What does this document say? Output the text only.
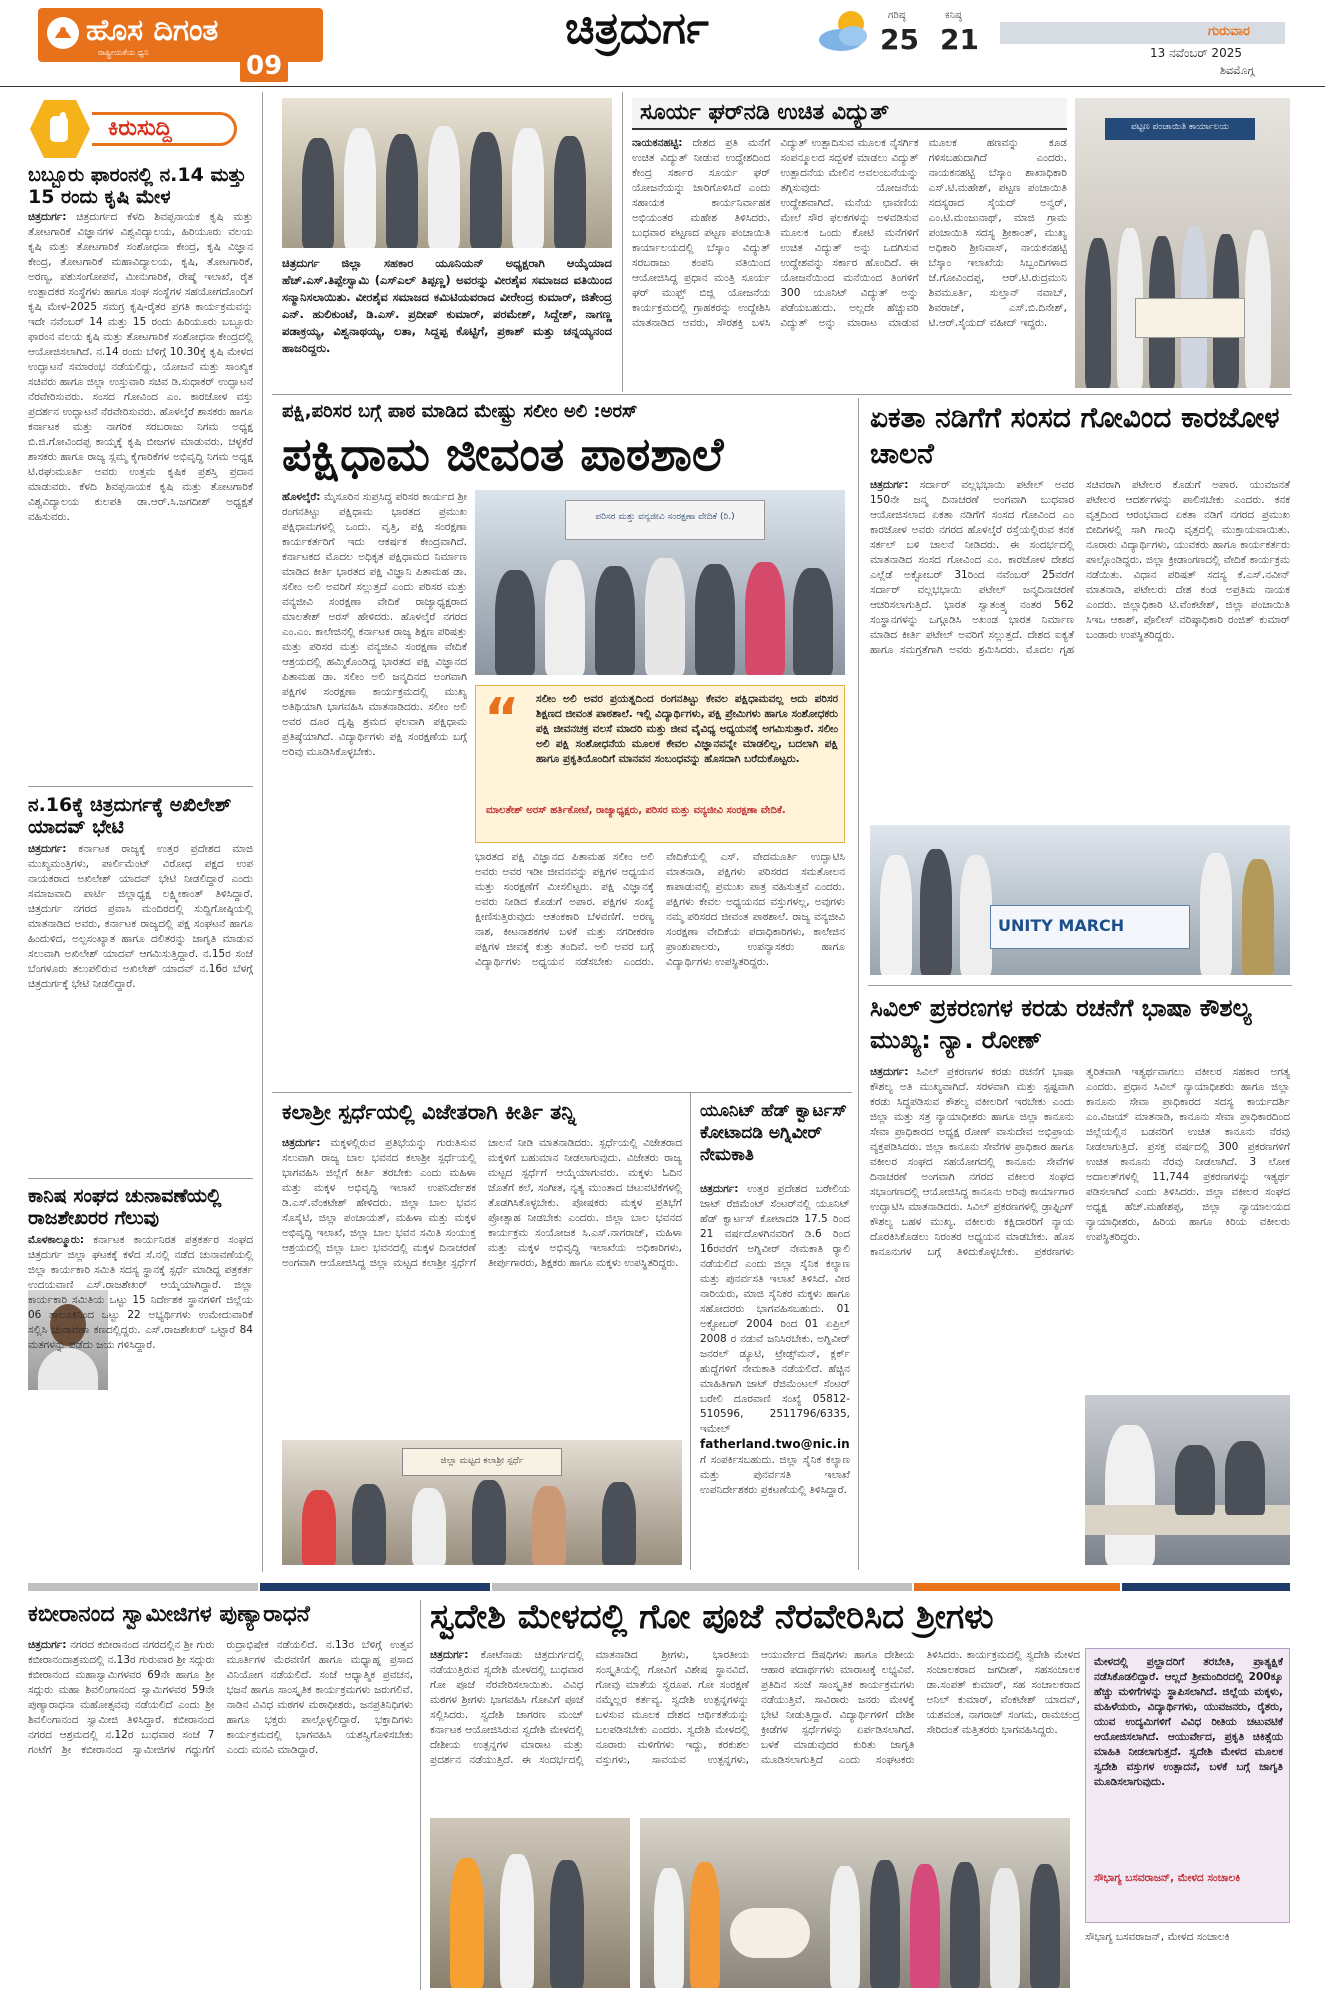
ಹೊಸ ದಿಗಂತ
ರಾಷ್ಟ್ರೀಯತೆಯ ಧ್ವನಿ	09
ಚಿತ್ರದುರ್ಗ	ಗರಿಷ್ಠ
25
ಕನಿಷ್ಠ
21	ಗುರುವಾರ
13 ನವೆಂಬರ್ 2025
ಶಿವಮೊಗ್ಗ
ಕಿರುಸುದ್ದಿ
ಬಬ್ಬೂರು ಫಾರಂನಲ್ಲಿ ನ.14 ಮತ್ತು 15 ರಂದು ಕೃಷಿ ಮೇಳ
ಚಿತ್ರದುರ್ಗ: ಚಿತ್ರದುರ್ಗದ ಕೆಳದಿ ಶಿವಪ್ಪನಾಯಕ ಕೃಷಿ ಮತ್ತು ತೋಟಗಾರಿಕೆ ವಿಜ್ಞಾನಗಳ ವಿಶ್ವವಿದ್ಯಾಲಯ, ಹಿರಿಯೂರು ವಲಯ ಕೃಷಿ ಮತ್ತು ತೋಟಗಾರಿಕೆ ಸಂಶೋಧನಾ ಕೇಂದ್ರ, ಕೃಷಿ ವಿಜ್ಞಾನ ಕೇಂದ್ರ, ತೋಟಗಾರಿಕೆ ಮಹಾವಿದ್ಯಾಲಯ, ಕೃಷಿ, ತೋಟಗಾರಿಕೆ, ಅರಣ್ಯ, ಪಶುಸಂಗೋಪನೆ, ಮೀನುಗಾರಿಕೆ, ರೇಷ್ಮೆ ಇಲಾಖೆ, ರೈತ ಉತ್ಪಾದಕರ ಸಂಸ್ಥೆಗಳು ಹಾಗೂ ಸಂಘ ಸಂಸ್ಥೆಗಳ ಸಹಯೋಗದೊಂದಿಗೆ ಕೃಷಿ ಮೇಳ-2025 ಸಮಗ್ರ ಕೃಷಿ-ರೈತರ ಪ್ರಗತಿ ಕಾರ್ಯಕ್ರಮವನ್ನು ಇದೇ ನವೆಂಬರ್ 14 ಮತ್ತು 15 ರಂದು ಹಿರಿಯೂರು ಬಬ್ಬೂರು ಫಾರಂನ ವಲಯ ಕೃಷಿ ಮತ್ತು ತೋಟಗಾರಿಕೆ ಸಂಶೋಧನಾ ಕೇಂದ್ರದಲ್ಲಿ ಆಯೋಜಿಸಲಾಗಿದೆ. ನ.14 ರಂದು ಬೆಳಿಗ್ಗೆ 10.30ಕ್ಕೆ ಕೃಷಿ ಮೇಳದ ಉದ್ಘಾಟನೆ ಸಮಾರಂಭ ನಡೆಯಲಿದ್ದು, ಯೋಜನೆ ಮತ್ತು ಸಾಂಖ್ಯಿಕ ಸಚಿವರು ಹಾಗೂ ಜಿಲ್ಲಾ ಉಸ್ತುವಾರಿ ಸಚಿವ ಡಿ.ಸುಧಾಕರ್ ಉದ್ಘಾಟನೆ ನೆರವೇರಿಸುವರು. ಸಂಸದ ಗೋವಿಂದ ಎಂ. ಕಾರಜೋಳ ವಸ್ತು ಪ್ರದರ್ಶನ ಉದ್ಘಾಟನೆ ನೆರವೇರಿಸುವರು. ಹೊಳಲ್ಕೆರೆ ಶಾಸಕರು ಹಾಗೂ ಕರ್ನಾಟಕ ಮತ್ತು ನಾಗರಿಕ ಸರಬರಾಜು ನಿಗಮ ಅಧ್ಯಕ್ಷ ಬಿ.ಜಿ.ಗೋವಿಂದಪ್ಪ ಕಾಯ್ಕಕ್ಕೆ ಕೃಷಿ ಬೀಜಗಳ ಮಾಡುವರು. ಚಳ್ಳಕೆರೆ ಶಾಸಕರು ಹಾಗೂ ರಾಜ್ಯ ಸ್ಲಮ್ಮ ಕೈಗಾರಿಕೆಗಳ ಅಭಿವೃದ್ಧಿ ನಿಗಮ ಅಧ್ಯಕ್ಷ ಟಿ.ರಘುಮೂರ್ತಿ ಅವರು ಉತ್ತಮ ಕೃಷಿಕ ಪ್ರಶಸ್ತಿ ಪ್ರದಾನ ಮಾಡುವರು. ಕೆಳದಿ ಶಿವಪ್ಪನಾಯಕ ಕೃಷಿ ಮತ್ತು ತೋಟಗಾರಿಕೆ ವಿಶ್ವವಿದ್ಯಾಲಯ ಕುಲಪತಿ ಡಾ.ಆರ್.ಸಿ.ಜಗದೀಶ್ ಅಧ್ಯಕ್ಷತೆ ವಹಿಸುವರು.
ನ.16ಕ್ಕೆ ಚಿತ್ರದುರ್ಗಕ್ಕೆ ಅಖಿಲೇಶ್ ಯಾದವ್ ಭೇಟಿ
ಚಿತ್ರದುರ್ಗ: ಕರ್ನಾಟಕ ರಾಜ್ಯಕ್ಕೆ ಉತ್ತರ ಪ್ರದೇಶದ ಮಾಜಿ ಮುಖ್ಯಮಂತ್ರಿಗಳು, ಪಾರ್ಲಿಮೆಂಟ್ ವಿರೋಧ ಪಕ್ಷದ ಉಪ ನಾಯಕರಾದ ಅಖಿಲೇಶ್ ಯಾದವ್ ಭೇಟಿ ನೀಡಲಿದ್ದಾರೆ ಎಂದು ಸಮಾಜವಾದಿ ಪಾರ್ಟಿ ಜಿಲ್ಲಾಧ್ಯಕ್ಷ ಲಕ್ಷ್ಮೀಕಾಂತ್ ತಿಳಿಸಿದ್ದಾರೆ. ಚಿತ್ರದುರ್ಗ ನಗರದ ಪ್ರವಾಸಿ ಮಂದಿರದಲ್ಲಿ ಸುದ್ದಿಗೋಷ್ಠಿಯಲ್ಲಿ ಮಾತನಾಡಿದ ಅವರು, ಕರ್ನಾಟಕ ರಾಜ್ಯದಲ್ಲಿ ಪಕ್ಷ ಸಂಘಟನೆ ಹಾಗೂ ಹಿಂದುಳಿದ, ಅಲ್ಪಸಂಖ್ಯಾತ ಹಾಗೂ ದಲಿತರನ್ನು ಜಾಗೃತಿ ಮಾಡುವ ಸಲುವಾಗಿ ಅಖಿಲೇಶ್ ಯಾದವ್ ಆಗಮಿಸುತ್ತಿದ್ದಾರೆ. ನ.15ರ ಸಂಜೆ ಬೆಂಗಳೂರು ತಲುಪಲಿರುವ ಅಖಿಲೇಶ್ ಯಾದವ್ ನ.16ರ ಬೆಳಗ್ಗೆ ಚಿತ್ರದುರ್ಗಕ್ಕೆ ಭೇಟಿ ನೀಡಲಿದ್ದಾರೆ.
ಕಾನಿಷ ಸಂಘದ ಚುನಾವಣೆಯಲ್ಲಿ ರಾಜಶೇಖರರ ಗೆಲುವು
ಮೊಳಕಾಲ್ಮೂರು: ಕರ್ನಾಟಕ ಕಾರ್ಯನಿರತ ಪತ್ರಕರ್ತರ ಸಂಘದ ಚಿತ್ರದುರ್ಗ ಜಿಲ್ಲಾ ಘಟಕಕ್ಕೆ ಕಳೆದ ಸೆ.ನಲ್ಲಿ ನಡೆದ ಚುನಾವಣೆಯಲ್ಲಿ ಜಿಲ್ಲಾ ಕಾರ್ಯಕಾರಿ ಸಮಿತಿ ಸದಸ್ಯ ಸ್ಥಾನಕ್ಕೆ ಸ್ಪರ್ಧೆ ಮಾಡಿದ್ದ ಪತ್ರಕರ್ತ ಉದಯವಾಣಿ ಎಸ್.ರಾಜಶೇಖರ್ ಆಯ್ಕೆಯಾಗಿದ್ದಾರೆ. ಜಿಲ್ಲಾ ಕಾರ್ಯಕಾರಿ ಸಮಿತಿಯ ಒಟ್ಟು 15 ನಿರ್ದೇಶಕ ಸ್ಥಾನಗಳಿಗೆ ಜಿಲ್ಲೆಯ 06 ತಾಲೂಕಿನಿಂದ ಒಟ್ಟು 22 ಅಭ್ಯರ್ಥಿಗಳು ಉಮೇದುವಾರಿಕೆ ಸಲ್ಲಿಸಿ ಚುನಾವಣಾ ಕಣದಲ್ಲಿದ್ದರು. ಎಸ್.ರಾಜಶೇಖರ್ ಒಟ್ಟಾರೆ 84 ಮತಗಳನ್ನು ಪಡೆದು ಜಯ ಗಳಿಸಿದ್ದಾರೆ.
ಚಿತ್ರದುರ್ಗ ಜಿಲ್ಲಾ ಸಹಕಾರ ಯೂನಿಯನ್ ಅಧ್ಯಕ್ಷರಾಗಿ ಆಯ್ಕೆಯಾದ ಹೆಚ್.ಎಸ್.ತಿಪ್ಪೇಸ್ವಾಮಿ (ಎಸ್ಎಲ್ ತಿಪ್ಪಣ್ಣ) ಅವರನ್ನು ವೀರಶೈವ ಸಮಾಜದ ವತಿಯಿಂದ ಸನ್ಮಾನಿಸಲಾಯಿತು. ವೀರಶೈವ ಸಮಾಜದ ಕಮಿಟಿಯವರಾದ ವೀರೇಂದ್ರ ಕುಮಾರ್, ಜಿತೇಂದ್ರ ಎನ್. ಹುಲಿಕುಂಟೆ, ಡಿ.ಎಸ್. ಪ್ರದೀಪ್ ಕುಮಾರ್, ಪರಮೇಶ್, ಸಿದ್ದೇಶ್, ನಾಗಣ್ಣ ಪಡಾಕ್ರಯ್ಯ, ವಿಶ್ವನಾಥಯ್ಯ, ಲತಾ, ಸಿದ್ದಪ್ಪ ಕೊಟ್ಟಿಗೆ, ಪ್ರಕಾಶ್ ಮತ್ತು ಚನ್ನಯ್ಯನಂದ ಹಾಜರಿದ್ದರು.
ಸೂರ್ಯ ಘರ್‌ನಡಿ ಉಚಿತ ವಿದ್ಯುತ್
ನಾಯಕನಹಟ್ಟಿ: ದೇಶದ ಪ್ರತಿ ಮನೆಗೆ ಉಚಿತ ವಿದ್ಯುತ್ ನೀಡುವ ಉದ್ದೇಶದಿಂದ ಕೇಂದ್ರ ಸರ್ಕಾರ ಸೂರ್ಯ ಘರ್ ಯೋಜನೆಯನ್ನು ಜಾರಿಗೊಳಿಸಿದೆ ಎಂದು ಸಹಾಯಕ ಕಾರ್ಯನಿರ್ವಾಹಕ ಅಭಿಯಂತರ ಮಹೇಶ ತಿಳಿಸಿದರು. ಬುಧವಾರ ಪಟ್ಟಣದ ಪಟ್ಟಣ ಪಂಚಾಯಿತಿ ಕಾರ್ಯಾಲಯದಲ್ಲಿ ಬೆಸ್ಕಾಂ ವಿದ್ಯುತ್ ಸರಬರಾಜು ಕಂಪನಿ ವತಿಯಿಂದ ಆಯೋಜಿಸಿದ್ದ ಪ್ರಧಾನ ಮಂತ್ರಿ ಸೂರ್ಯ ಘರ್ ಮುಫ್ತ್ ಬಿಜ್ಲಿ ಯೋಜನೆಯ ಕಾರ್ಯಕ್ರಮದಲ್ಲಿ ಗ್ರಾಹಕರನ್ನು ಉದ್ದೇಶಿಸಿ ಮಾತನಾಡಿದ ಅವರು, ಸೌರಶಕ್ತಿ ಬಳಸಿ ವಿದ್ಯುತ್ ಉತ್ಪಾದಿಸುವ ಮೂಲಕ ನೈಸರ್ಗಿಕ ಸಂಪನ್ಮೂಲದ ಸದ್ಬಳಕೆ ಮಾಡಲು ವಿದ್ಯುತ್ ಉತ್ಪಾದನೆಯ ಮೇಲಿನ ಅವಲಂಬನೆಯನ್ನು ತಗ್ಗಿಸುವುದು ಯೋಜನೆಯ ಉದ್ದೇಶವಾಗಿದೆ. ಮನೆಯ ಛಾವಣಿಯ ಮೇಲೆ ಸೌರ ಫಲಕಗಳನ್ನು ಅಳವಡಿಸುವ ಮೂಲಕ ಒಂದು ಕೋಟಿ ಮನೆಗಳಿಗೆ ಉಚಿತ ವಿದ್ಯುತ್ ಅನ್ನು ಒದಗಿಸುವ ಉದ್ದೇಶವನ್ನು ಸರ್ಕಾರ ಹೊಂದಿದೆ. ಈ ಯೋಜನೆಯಿಂದ ಮನೆಯಿಂದ ತಿಂಗಳಿಗೆ 300 ಯೂನಿಟ್ ವಿದ್ಯುತ್ ಅನ್ನು ಪಡೆಯಬಹುದು. ಅಲ್ಲದೇ ಹೆಚ್ಚುವರಿ ವಿದ್ಯುತ್ ಅನ್ನು ಮಾರಾಟ ಮಾಡುವ ಮೂಲಕ ಹಣವನ್ನು ಕೂಡ ಗಳಿಸಬಹುದಾಗಿದೆ ಎಂದರು. ನಾಯಕನಹಟ್ಟಿ ಬೆಸ್ಕಾಂ ಶಾಖಾಧಿಕಾರಿ ಎಸ್.ಟಿ.ಮಹೇಶ್, ಪಟ್ಟಣ ಪಂಚಾಯಿತಿ ಸದಸ್ಯರಾದ ಸೈಯದ್ ಅನ್ವರ್, ಎಂ.ಟಿ.ಮಂಜುನಾಥ್, ಮಾಜಿ ಗ್ರಾಮ ಪಂಚಾಯಿತಿ ಸದಸ್ಯ ಶ್ರೀಕಾಂತ್, ಮುಖ್ಯ ಅಧಿಕಾರಿ ಶ್ರೀನಿವಾಸ್, ನಾಯಕನಹಟ್ಟಿ ಬೆಸ್ಕಾಂ ಇಲಾಖೆಯ ಸಿಬ್ಬಂದಿಗಳಾದ ಜೆ.ಗೋವಿಂದಪ್ಪ, ಆರ್.ಟಿ.ರುದ್ರಮುನಿ ಶಿವಮೂರ್ತಿ, ಸುಲ್ತಾನ್ ನವಾಬ್, ಶಿವರಾಜ್, ಎಸ್.ಬಿ.ದಿನೇಶ್, ಟಿ.ಆರ್.ಸೈಯದ್ ವಹೀದ್ ಇದ್ದರು.
ಪಟ್ಟಣ ಪಂಚಾಯಿತಿ ಕಾರ್ಯಾಲಯ
ಪಕ್ಷಿ,ಪರಿಸರ ಬಗ್ಗೆ ಪಾಠ ಮಾಡಿದ ಮೇಷ್ಟ್ರು ಸಲೀಂ ಅಲಿ :ಅರಸ್
ಪಕ್ಷಿಧಾಮ ಜೀವಂತ ಪಾಠಶಾಲೆ
ಹೊಳಲ್ಕೆರೆ: ಮೈಸೂರಿನ ಸುಪ್ರಸಿದ್ಧ ಪರಿಸರ ಕಾರ್ಯದ ಶ್ರೀ ರಂಗನತಿಟ್ಟು ಪಕ್ಷಿಧಾಮ ಭಾರತದ ಪ್ರಮುಖ ಪಕ್ಷಿಧಾಮಗಳಲ್ಲಿ ಒಂದು. ವೃತ್ತಿ, ಪಕ್ಷಿ ಸಂರಕ್ಷಣಾ ಕಾರ್ಯಕರ್ತರಿಗೆ ಇದು ಆಕರ್ಷಕ ಕೇಂದ್ರವಾಗಿದೆ. ಕರ್ನಾಟಕದ ಮೊದಲ ಅಧಿಕೃತ ಪಕ್ಷಿಧಾಮದ ನಿರ್ಮಾಣ ಮಾಡಿದ ಕೀರ್ತಿ ಭಾರತದ ಪಕ್ಷಿ ವಿಜ್ಞಾನಿ ಪಿತಾಮಹ ಡಾ. ಸಲೀಂ ಅಲಿ ಅವರಿಗೆ ಸಲ್ಲುತ್ತದೆ ಎಂದು ಪರಿಸರ ಮತ್ತು ವನ್ಯಜೀವಿ ಸಂರಕ್ಷಣಾ ವೇದಿಕೆ ರಾಜ್ಯಾಧ್ಯಕ್ಷರಾದ ಮಾಲತೇಶ್ ಅರಸ್ ಹೇಳಿದರು. ಹೊಳಲ್ಕೆರೆ ನಗರದ ಎಂ.ಎಂ. ಕಾಲೇಜಿನಲ್ಲಿ ಕರ್ನಾಟಕ ರಾಜ್ಯ ಶಿಕ್ಷಣ ಪರಿಷತ್ತು ಮತ್ತು ಪರಿಸರ ಮತ್ತು ವನ್ಯಜೀವಿ ಸಂರಕ್ಷಣಾ ವೇದಿಕೆ ಆಶ್ರಯದಲ್ಲಿ ಹಮ್ಮಿಕೊಂಡಿದ್ದ ಭಾರತದ ಪಕ್ಷಿ ವಿಜ್ಞಾನದ ಪಿತಾಮಹ ಡಾ. ಸಲೀಂ ಅಲಿ ಜನ್ಮದಿನದ ಅಂಗವಾಗಿ ಪಕ್ಷಿಗಳ ಸಂರಕ್ಷಣಾ ಕಾರ್ಯಕ್ರಮದಲ್ಲಿ ಮುಖ್ಯ ಅತಿಥಿಯಾಗಿ ಭಾಗವಹಿಸಿ ಮಾತನಾಡಿದರು. ಸಲೀಂ ಅಲಿ ಅವರ ದೂರ ದೃಷ್ಟಿ ಶ್ರಮದ ಫಲವಾಗಿ ಪಕ್ಷಿಧಾಮ ಪ್ರತಿಷ್ಠೆಯಾಗಿದೆ. ವಿದ್ಯಾರ್ಥಿಗಳು ಪಕ್ಷಿ ಸಂರಕ್ಷಣೆಯ ಬಗ್ಗೆ ಅರಿವು ಮೂಡಿಸಿಕೊಳ್ಳಬೇಕು.
ಪರಿಸರ ಮತ್ತು ವನ್ಯಜೀವಿ ಸಂರಕ್ಷಣಾ ವೇದಿಕೆ (ರಿ.)
“ ಸಲೀಂ ಅಲಿ ಅವರ ಪ್ರಯತ್ನದಿಂದ ರಂಗನತಿಟ್ಟು ಕೇವಲ ಪಕ್ಷಿಧಾಮವಲ್ಲ ಅದು ಪರಿಸರ ಶಿಕ್ಷಣದ ಜೀವಂತ ಪಾಠಶಾಲೆ. ಇಲ್ಲಿ ವಿದ್ಯಾರ್ಥಿಗಳು, ಪಕ್ಷಿ ಪ್ರೇಮಿಗಳು ಹಾಗೂ ಸಂಶೋಧಕರು ಪಕ್ಷಿ ಜೀವನಚಕ್ರ ವಲಸೆ ಮಾದರಿ ಮತ್ತು ಜೀವ ವೈವಿಧ್ಯ ಅಧ್ಯಯನಕ್ಕೆ ಅಗಮಿಸುತ್ತಾರೆ. ಸಲೀಂ ಅಲಿ ಪಕ್ಷಿ ಸಂಶೋಧನೆಯ ಮೂಲಕ ಕೇವಲ ವಿಜ್ಞಾನವನ್ನೇ ಮಾಡಲಿಲ್ಲ, ಬದಲಾಗಿ ಪಕ್ಷಿ ಹಾಗೂ ಪ್ರಕೃತಿಯೊಂದಿಗೆ ಮಾನವನ ಸಂಬಂಧವನ್ನು ಹೊಸದಾಗಿ ಬರೆದುಕೊಟ್ಟರು.
ಮಾಲತೇಶ್ ಅರಸ್ ಹರ್ತಿಕೋಟೆ, ರಾಜ್ಯಾಧ್ಯಕ್ಷರು, ಪರಿಸರ ಮತ್ತು ವನ್ಯಜೀವಿ ಸಂರಕ್ಷಣಾ ವೇದಿಕೆ.
ಭಾರತದ ಪಕ್ಷಿ ವಿಜ್ಞಾನದ ಪಿತಾಮಹ ಸಲೀಂ ಅಲಿ ಅವರು ಅವರ ಇಡೀ ಜೀವನವನ್ನು ಪಕ್ಷಿಗಳ ಅಧ್ಯಯನ ಮತ್ತು ಸಂರಕ್ಷಣೆಗೆ ಮೀಸಲಿಟ್ಟರು. ಪಕ್ಷಿ ವಿಜ್ಞಾನಕ್ಕೆ ಅವರು ನೀಡಿದ ಕೊಡುಗೆ ಅಪಾರ. ಪಕ್ಷಿಗಳ ಸಂಖ್ಯೆ ಕ್ಷೀಣಿಸುತ್ತಿರುವುದು ಆತಂಕಕಾರಿ ಬೆಳವಣಿಗೆ. ಅರಣ್ಯ ನಾಶ, ಕೀಟನಾಶಕಗಳ ಬಳಕೆ ಮತ್ತು ನಗರೀಕರಣ ಪಕ್ಷಿಗಳ ಜೀವಕ್ಕೆ ಕುತ್ತು ತಂದಿವೆ. ಅಲಿ ಅವರ ಬಗ್ಗೆ ವಿದ್ಯಾರ್ಥಿಗಳು ಅಧ್ಯಯನ ನಡೆಸಬೇಕು ಎಂದರು. ವೇದಿಕೆಯಲ್ಲಿ ಎಸ್. ವೇದಮೂರ್ತಿ ಉದ್ಘಾಟಿಸಿ ಮಾತನಾಡಿ, ಪಕ್ಷಿಗಳು ಪರಿಸರದ ಸಮತೋಲನ ಕಾಪಾಡುವಲ್ಲಿ ಪ್ರಮುಖ ಪಾತ್ರ ವಹಿಸುತ್ತವೆ ಎಂದರು. ಪಕ್ಷಿಗಳು ಕೇವಲ ಅಧ್ಯಯನದ ವಸ್ತುಗಳಲ್ಲ, ಅವುಗಳು ನಮ್ಮ ಪರಿಸರದ ಜೀವಂತ ಪಾಠಶಾಲೆ. ರಾಜ್ಯ ವನ್ಯಜೀವಿ ಸಂರಕ್ಷಣಾ ವೇದಿಕೆಯ ಪದಾಧಿಕಾರಿಗಳು, ಕಾಲೇಜಿನ ಪ್ರಾಂಶುಪಾಲರು, ಉಪನ್ಯಾಸಕರು ಹಾಗೂ ವಿದ್ಯಾರ್ಥಿಗಳು ಉಪಸ್ಥಿತರಿದ್ದರು.
ಏಕತಾ ನಡಿಗೆಗೆ ಸಂಸದ ಗೋವಿಂದ ಕಾರಜೋಳ ಚಾಲನೆ
ಚಿತ್ರದುರ್ಗ: ಸರ್ದಾರ್ ವಲ್ಲಭಭಾಯಿ ಪಟೇಲ್ ಅವರ 150ನೇ ಜನ್ಮ ದಿನಾಚರಣೆ ಅಂಗವಾಗಿ ಬುಧವಾರ ಆಯೋಜಿಸಲಾದ ಏಕತಾ ನಡಿಗೆಗೆ ಸಂಸದ ಗೋವಿಂದ ಎಂ ಕಾರಜೋಳ ಅವರು ನಗರದ ಹೊಳಲ್ಕೆರೆ ರಸ್ತೆಯಲ್ಲಿರುವ ಕನಕ ಸರ್ಕಲ್ ಬಳಿ ಚಾಲನೆ ನೀಡಿದರು. ಈ ಸಂದರ್ಭದಲ್ಲಿ ಮಾತನಾಡಿದ ಸಂಸದ ಗೋವಿಂದ ಎಂ. ಕಾರಜೋಳ ದೇಶದ ಎಲ್ಲೆಡೆ ಅಕ್ಟೋಬರ್ 31ರಿಂದ ನವೆಂಬರ್ 25ವರೆಗೆ ಸರ್ದಾರ್ ವಲ್ಲಭಭಾಯಿ ಪಟೇಲ್ ಜನ್ಮದಿನಾಚರಣೆ ಆಚರಿಸಲಾಗುತ್ತಿದೆ. ಭಾರತ ಸ್ವಾತಂತ್ರ್ಯ ನಂತರ 562 ಸಂಸ್ಥಾನಗಳನ್ನು ಒಗ್ಗೂಡಿಸಿ ಅಖಂಡ ಭಾರತ ನಿರ್ಮಾಣ ಮಾಡಿದ ಕೀರ್ತಿ ಪಟೇಲ್ ಅವರಿಗೆ ಸಲ್ಲುತ್ತದೆ. ದೇಶದ ಐಕ್ಯತೆ ಹಾಗೂ ಸಮಗ್ರತೆಗಾಗಿ ಅವರು ಶ್ರಮಿಸಿದರು. ಮೊದಲ ಗೃಹ ಸಚಿವರಾಗಿ ಪಟೇಲರ ಕೊಡುಗೆ ಅಪಾರ. ಯುವಜನತೆ ಪಟೇಲರ ಆದರ್ಶಗಳನ್ನು ಪಾಲಿಸಬೇಕು ಎಂದರು. ಕನಕ ವೃತ್ತದಿಂದ ಆರಂಭವಾದ ಏಕತಾ ನಡಿಗೆ ನಗರದ ಪ್ರಮುಖ ಬೀದಿಗಳಲ್ಲಿ ಸಾಗಿ ಗಾಂಧಿ ವೃತ್ತದಲ್ಲಿ ಮುಕ್ತಾಯವಾಯಿತು. ನೂರಾರು ವಿದ್ಯಾರ್ಥಿಗಳು, ಯುವಕರು ಹಾಗೂ ಕಾರ್ಯಕರ್ತರು ಪಾಲ್ಗೊಂಡಿದ್ದರು. ಜಿಲ್ಲಾ ಕ್ರೀಡಾಂಗಣದಲ್ಲಿ ವೇದಿಕೆ ಕಾರ್ಯಕ್ರಮ ನಡೆಯಿತು. ವಿಧಾನ ಪರಿಷತ್ ಸದಸ್ಯ ಕೆ.ಎಸ್.ನವೀನ್ ಮಾತನಾಡಿ, ಪಟೇಲರು ದೇಶ ಕಂಡ ಅಪ್ರತಿಮ ನಾಯಕ ಎಂದರು. ಜಿಲ್ಲಾಧಿಕಾರಿ ಟಿ.ವೆಂಕಟೇಶ್, ಜಿಲ್ಲಾ ಪಂಚಾಯಿತಿ ಸಿಇಒ ಆಕಾಶ್, ಪೊಲೀಸ್ ವರಿಷ್ಠಾಧಿಕಾರಿ ರಂಜಿತ್ ಕುಮಾರ್ ಬಂಡಾರು ಉಪಸ್ಥಿತರಿದ್ದರು.
UNITY MARCH
ಸಿವಿಲ್ ಪ್ರಕರಣಗಳ ಕರಡು ರಚನೆಗೆ ಭಾಷಾ ಕೌಶಲ್ಯ ಮುಖ್ಯ: ನ್ಯಾ. ರೋಣ್
ಚಿತ್ರದುರ್ಗ: ಸಿವಿಲ್ ಪ್ರಕರಣಗಳ ಕರಡು ರಚನೆಗೆ ಭಾಷಾ ಕೌಶಲ್ಯ ಅತಿ ಮುಖ್ಯವಾಗಿದೆ. ಸರಳವಾಗಿ ಮತ್ತು ಸ್ಪಷ್ಟವಾಗಿ ಕರಡು ಸಿದ್ಧಪಡಿಸುವ ಕೌಶಲ್ಯ ವಕೀಲರಿಗೆ ಇರಬೇಕು ಎಂದು ಜಿಲ್ಲಾ ಮತ್ತು ಸತ್ರ ನ್ಯಾಯಾಧೀಶರು ಹಾಗೂ ಜಿಲ್ಲಾ ಕಾನೂನು ಸೇವಾ ಪ್ರಾಧಿಕಾರದ ಅಧ್ಯಕ್ಷ ರೋಣ್ ವಾಸುದೇವ ಅಭಿಪ್ರಾಯ ವ್ಯಕ್ತಪಡಿಸಿದರು. ಜಿಲ್ಲಾ ಕಾನೂನು ಸೇವೆಗಳ ಪ್ರಾಧಿಕಾರ ಹಾಗೂ ವಕೀಲರ ಸಂಘದ ಸಹಯೋಗದಲ್ಲಿ ಕಾನೂನು ಸೇವೆಗಳ ದಿನಾಚರಣೆ ಅಂಗವಾಗಿ ನಗರದ ವಕೀಲರ ಸಂಘದ ಸಭಾಂಗಣದಲ್ಲಿ ಆಯೋಜಿಸಿದ್ದ ಕಾನೂನು ಅರಿವು ಕಾರ್ಯಾಗಾರ ಉದ್ಘಾಟಿಸಿ ಮಾತನಾಡಿದರು. ಸಿವಿಲ್ ಪ್ರಕರಣಗಳಲ್ಲಿ ಡ್ರಾಫ್ಟಿಂಗ್ ಕೌಶಲ್ಯ ಬಹಳ ಮುಖ್ಯ. ವಕೀಲರು ಕಕ್ಷಿದಾರರಿಗೆ ನ್ಯಾಯ ದೊರಕಿಸಿಕೊಡಲು ನಿರಂತರ ಅಧ್ಯಯನ ಮಾಡಬೇಕು. ಹೊಸ ಕಾನೂನುಗಳ ಬಗ್ಗೆ ತಿಳಿದುಕೊಳ್ಳಬೇಕು. ಪ್ರಕರಣಗಳು ತ್ವರಿತವಾಗಿ ಇತ್ಯರ್ಥವಾಗಲು ವಕೀಲರ ಸಹಕಾರ ಅಗತ್ಯ ಎಂದರು. ಪ್ರಧಾನ ಸಿವಿಲ್ ನ್ಯಾಯಾಧೀಶರು ಹಾಗೂ ಜಿಲ್ಲಾ ಕಾನೂನು ಸೇವಾ ಪ್ರಾಧಿಕಾರದ ಸದಸ್ಯ ಕಾರ್ಯದರ್ಶಿ ಎಂ.ವಿಜಯ್ ಮಾತನಾಡಿ, ಕಾನೂನು ಸೇವಾ ಪ್ರಾಧಿಕಾರದಿಂದ ಜಿಲ್ಲೆಯಲ್ಲಿನ ಬಡವರಿಗೆ ಉಚಿತ ಕಾನೂನು ನೆರವು ನೀಡಲಾಗುತ್ತಿದೆ. ಪ್ರಸಕ್ತ ವರ್ಷದಲ್ಲಿ 300 ಪ್ರಕರಣಗಳಿಗೆ ಉಚಿತ ಕಾನೂನು ನೆರವು ನೀಡಲಾಗಿದೆ. 3 ಲೋಕ ಅದಾಲತ್‌ಗಳಲ್ಲಿ 11,744 ಪ್ರಕರಣಗಳನ್ನು ಇತ್ಯರ್ಥ ಪಡಿಸಲಾಗಿದೆ ಎಂದು ತಿಳಿಸಿದರು. ಜಿಲ್ಲಾ ವಕೀಲರ ಸಂಘದ ಅಧ್ಯಕ್ಷ ಹೆಚ್.ಮಹೇಶಪ್ಪ, ಜಿಲ್ಲಾ ನ್ಯಾಯಾಲಯದ ನ್ಯಾಯಾಧೀಶರು, ಹಿರಿಯ ಹಾಗೂ ಕಿರಿಯ ವಕೀಲರು ಉಪಸ್ಥಿತರಿದ್ದರು.
ಕಲಾಶ್ರೀ ಸ್ಪರ್ಧೆಯಲ್ಲಿ ವಿಜೇತರಾಗಿ ಕೀರ್ತಿ ತನ್ನಿ
ಚಿತ್ರದುರ್ಗ: ಮಕ್ಕಳಲ್ಲಿರುವ ಪ್ರತಿಭೆಯನ್ನು ಗುರುತಿಸುವ ಸಲುವಾಗಿ ರಾಜ್ಯ ಬಾಲ ಭವನದ ಕಲಾಶ್ರೀ ಸ್ಪರ್ಧೆಯಲ್ಲಿ ಭಾಗವಹಿಸಿ ಜಿಲ್ಲೆಗೆ ಕೀರ್ತಿ ತರಬೇಕು ಎಂದು ಮಹಿಳಾ ಮತ್ತು ಮಕ್ಕಳ ಅಭಿವೃದ್ಧಿ ಇಲಾಖೆ ಉಪನಿರ್ದೇಶಕ ಡಿ.ಎಸ್.ವೆಂಕಟೇಶ್ ಹೇಳಿದರು. ಜಿಲ್ಲಾ ಬಾಲ ಭವನ ಸೊಸೈಟಿ, ಜಿಲ್ಲಾ ಪಂಚಾಯತ್, ಮಹಿಳಾ ಮತ್ತು ಮಕ್ಕಳ ಅಭಿವೃದ್ಧಿ ಇಲಾಖೆ, ಜಿಲ್ಲಾ ಬಾಲ ಭವನ ಸಮಿತಿ ಸಂಯುಕ್ತ ಆಶ್ರಯದಲ್ಲಿ ಜಿಲ್ಲಾ ಬಾಲ ಭವನದಲ್ಲಿ ಮಕ್ಕಳ ದಿನಾಚರಣೆ ಅಂಗವಾಗಿ ಆಯೋಜಿಸಿದ್ದ ಜಿಲ್ಲಾ ಮಟ್ಟದ ಕಲಾಶ್ರೀ ಸ್ಪರ್ಧೆಗೆ ಚಾಲನೆ ನೀಡಿ ಮಾತನಾಡಿದರು. ಸ್ಪರ್ಧೆಯಲ್ಲಿ ವಿಜೇತರಾದ ಮಕ್ಕಳಿಗೆ ಬಹುಮಾನ ನೀಡಲಾಗುವುದು. ವಿಜೇತರು ರಾಜ್ಯ ಮಟ್ಟದ ಸ್ಪರ್ಧೆಗೆ ಆಯ್ಕೆಯಾಗುವರು. ಮಕ್ಕಳು ಓದಿನ ಜೊತೆಗೆ ಕಲೆ, ಸಂಗೀತ, ನೃತ್ಯ ಮುಂತಾದ ಚಟುವಟಿಕೆಗಳಲ್ಲಿ ತೊಡಗಿಸಿಕೊಳ್ಳಬೇಕು. ಪೋಷಕರು ಮಕ್ಕಳ ಪ್ರತಿಭೆಗೆ ಪ್ರೋತ್ಸಾಹ ನೀಡಬೇಕು ಎಂದರು. ಜಿಲ್ಲಾ ಬಾಲ ಭವನದ ಕಾರ್ಯಕ್ರಮ ಸಂಯೋಜಕ ಸಿ.ಎಸ್.ನಾಗರಾಜ್, ಮಹಿಳಾ ಮತ್ತು ಮಕ್ಕಳ ಅಭಿವೃದ್ಧಿ ಇಲಾಖೆಯ ಅಧಿಕಾರಿಗಳು, ತೀರ್ಪುಗಾರರು, ಶಿಕ್ಷಕರು ಹಾಗೂ ಮಕ್ಕಳು ಉಪಸ್ಥಿತರಿದ್ದರು.
ಜಿಲ್ಲಾ ಮಟ್ಟದ ಕಲಾಶ್ರೀ ಸ್ಪರ್ಧೆ
ಯೂನಿಟ್ ಹೆಡ್ ಕ್ವಾರ್ಟಸ್ ಕೋಟಾದಡಿ ಅಗ್ನಿವೀರ್ ನೇಮಕಾತಿ
ಚಿತ್ರದುರ್ಗ: ಉತ್ತರ ಪ್ರದೇಶದ ಬರೇಲಿಯ ಜಾಟ್ ರೆಜಿಮೆಂಟ್ ಸೆಂಟರ್‌ನಲ್ಲಿ ಯೂನಿಟ್ ಹೆಡ್ ಕ್ವಾರ್ಟಸ್ ಕೋಟಾದಡಿ 17.5 ರಿಂದ 21 ವರ್ಷದೊಳಗಿನವರಿಗೆ ಡಿ.6 ರಿಂದ 16ರವರೆಗೆ ಅಗ್ನಿವೀರ್ ನೇಮಕಾತಿ ರ‍್ಯಾಲಿ ನಡೆಯಲಿದೆ ಎಂದು ಜಿಲ್ಲಾ ಸೈನಿಕ ಕಲ್ಯಾಣ ಮತ್ತು ಪುನರ್ವಸತಿ ಇಲಾಖೆ ತಿಳಿಸಿದೆ. ವೀರ ನಾರಿಯರು, ಮಾಜಿ ಸೈನಿಕರ ಮಕ್ಕಳು ಹಾಗೂ ಸಹೋದರರು ಭಾಗವಹಿಸಬಹುದು. 01 ಅಕ್ಟೋಬರ್ 2004 ರಿಂದ 01 ಏಪ್ರಿಲ್ 2008 ರ ನಡುವೆ ಜನಿಸಿರಬೇಕು. ಅಗ್ನಿವೀರ್ ಜನರಲ್ ಡ್ಯೂಟಿ, ಟ್ರೇಡ್ಸ್‌ಮನ್, ಕ್ಲರ್ಕ್ ಹುದ್ದೆಗಳಿಗೆ ನೇಮಕಾತಿ ನಡೆಯಲಿದೆ. ಹೆಚ್ಚಿನ ಮಾಹಿತಿಗಾಗಿ ಜಾಟ್ ರೆಜಿಮೆಂಟಲ್ ಸೆಂಟರ್ ಬರೇಲಿ ದೂರವಾಣಿ ಸಂಖ್ಯೆ 05812-510596, 2511796/6335, ಇಮೇಲ್ fatherland.two@nic.in ಗೆ ಸಂಪರ್ಕಿಸಬಹುದು. ಜಿಲ್ಲಾ ಸೈನಿಕ ಕಲ್ಯಾಣ ಮತ್ತು ಪುನರ್ವಸತಿ ಇಲಾಖೆ ಉಪನಿರ್ದೇಶಕರು ಪ್ರಕಟಣೆಯಲ್ಲಿ ತಿಳಿಸಿದ್ದಾರೆ.
ಕಬೀರಾನಂದ ಸ್ವಾಮೀಜಿಗಳ ಪುಣ್ಯಾರಾಧನೆ
ಚಿತ್ರದುರ್ಗ: ನಗರದ ಕಬೀರಾನಂದ ನಗರದಲ್ಲಿನ ಶ್ರೀ ಗುರು ಕಬೀರಾನಂದಾಶ್ರಮದಲ್ಲಿ ನ.13ರ ಗುರುವಾರ ಶ್ರೀ ಸದ್ಗುರು ಕಬೀರಾನಂದ ಮಹಾಸ್ವಾಮಿಗಳವರ 69ನೇ ಹಾಗೂ ಶ್ರೀ ಸದ್ಗುರು ಮಹಾ ಶಿವಲಿಂಗಾನಂದ ಸ್ವಾಮಿಗಳವರ 59ನೇ ಪುಣ್ಯಾರಾಧನಾ ಮಹೋತ್ಸವವು ನಡೆಯಲಿದೆ ಎಂದು ಶ್ರೀ ಶಿವಲಿಂಗಾನಂದ ಸ್ವಾಮೀಜಿ ತಿಳಿಸಿದ್ದಾರೆ. ಕಬೀರಾನಂದ ನಗರದ ಆಶ್ರಮದಲ್ಲಿ ನ.12ರ ಬುಧವಾರ ಸಂಜೆ 7 ಗಂಟೆಗೆ ಶ್ರೀ ಕಬೀರಾನಂದ ಸ್ವಾಮೀಜಿಗಳ ಗದ್ದುಗೆಗೆ ರುದ್ರಾಭಿಷೇಕ ನಡೆಯಲಿದೆ. ನ.13ರ ಬೆಳಿಗ್ಗೆ ಉತ್ಸವ ಮೂರ್ತಿಗಳ ಮೆರವಣಿಗೆ ಹಾಗೂ ಮಧ್ಯಾಹ್ನ ಪ್ರಸಾದ ವಿನಿಯೋಗ ನಡೆಯಲಿದೆ. ಸಂಜೆ ಆಧ್ಯಾತ್ಮಿಕ ಪ್ರವಚನ, ಭಜನೆ ಹಾಗೂ ಸಾಂಸ್ಕೃತಿಕ ಕಾರ್ಯಕ್ರಮಗಳು ಜರುಗಲಿವೆ. ನಾಡಿನ ವಿವಿಧ ಮಠಗಳ ಮಠಾಧೀಶರು, ಜನಪ್ರತಿನಿಧಿಗಳು ಹಾಗೂ ಭಕ್ತರು ಪಾಲ್ಗೊಳ್ಳಲಿದ್ದಾರೆ. ಭಕ್ತಾದಿಗಳು ಕಾರ್ಯಕ್ರಮದಲ್ಲಿ ಭಾಗವಹಿಸಿ ಯಶಸ್ವಿಗೊಳಿಸಬೇಕು ಎಂದು ಮನವಿ ಮಾಡಿದ್ದಾರೆ.
ಸ್ವದೇಶಿ ಮೇಳದಲ್ಲಿ ಗೋ ಪೂಜೆ ನೆರವೇರಿಸಿದ ಶ್ರೀಗಳು
ಚಿತ್ರದುರ್ಗ: ಕೋಟೆನಾಡು ಚಿತ್ರದುರ್ಗದಲ್ಲಿ ನಡೆಯುತ್ತಿರುವ ಸ್ವದೇಶಿ ಮೇಳದಲ್ಲಿ ಬುಧವಾರ ಗೋ ಪೂಜೆ ನೆರವೇರಿಸಲಾಯಿತು. ವಿವಿಧ ಮಠಗಳ ಶ್ರೀಗಳು ಭಾಗವಹಿಸಿ ಗೋವಿಗೆ ಪೂಜೆ ಸಲ್ಲಿಸಿದರು. ಸ್ವದೇಶಿ ಜಾಗರಣ ಮಂಚ್ ಕರ್ನಾಟಕ ಆಯೋಜಿಸಿರುವ ಸ್ವದೇಶಿ ಮೇಳದಲ್ಲಿ ದೇಶೀಯ ಉತ್ಪನ್ನಗಳ ಮಾರಾಟ ಮತ್ತು ಪ್ರದರ್ಶನ ನಡೆಯುತ್ತಿದೆ. ಈ ಸಂದರ್ಭದಲ್ಲಿ ಮಾತನಾಡಿದ ಶ್ರೀಗಳು, ಭಾರತೀಯ ಸಂಸ್ಕೃತಿಯಲ್ಲಿ ಗೋವಿಗೆ ವಿಶೇಷ ಸ್ಥಾನವಿದೆ. ಗೋವು ಮಾತೆಯ ಸ್ವರೂಪ. ಗೋ ಸಂರಕ್ಷಣೆ ನಮ್ಮೆಲ್ಲರ ಕರ್ತವ್ಯ. ಸ್ವದೇಶಿ ಉತ್ಪನ್ನಗಳನ್ನು ಬಳಸುವ ಮೂಲಕ ದೇಶದ ಆರ್ಥಿಕತೆಯನ್ನು ಬಲಪಡಿಸಬೇಕು ಎಂದರು. ಸ್ವದೇಶಿ ಮೇಳದಲ್ಲಿ ನೂರಾರು ಮಳಿಗೆಗಳು ಇದ್ದು, ಕರಕುಶಲ ವಸ್ತುಗಳು, ಸಾವಯವ ಉತ್ಪನ್ನಗಳು, ಆಯುರ್ವೇದ ಔಷಧಿಗಳು ಹಾಗೂ ದೇಶೀಯ ಆಹಾರ ಪದಾರ್ಥಗಳು ಮಾರಾಟಕ್ಕೆ ಲಭ್ಯವಿವೆ. ಪ್ರತಿದಿನ ಸಂಜೆ ಸಾಂಸ್ಕೃತಿಕ ಕಾರ್ಯಕ್ರಮಗಳು ನಡೆಯುತ್ತಿವೆ. ಸಾವಿರಾರು ಜನರು ಮೇಳಕ್ಕೆ ಭೇಟಿ ನೀಡುತ್ತಿದ್ದಾರೆ. ವಿದ್ಯಾರ್ಥಿಗಳಿಗೆ ದೇಶೀ ಕ್ರೀಡೆಗಳ ಸ್ಪರ್ಧೆಗಳನ್ನು ಏರ್ಪಡಿಸಲಾಗಿದೆ. ಬಳಕೆ ಮಾಡುವುದರ ಕುರಿತು ಜಾಗೃತಿ ಮೂಡಿಸಲಾಗುತ್ತಿದೆ ಎಂದು ಸಂಘಟಕರು ತಿಳಿಸಿದರು. ಕಾರ್ಯಕ್ರಮದಲ್ಲಿ ಸ್ವದೇಶಿ ಮೇಳದ ಸಂಚಾಲಕರಾದ ಜಗದೀಶ್, ಸಹಸಂಚಾಲಕ ಡಾ.ಸಂಪತ್ ಕುಮಾರ್, ಸಹ ಸಂಚಾಲಕರಾದ ಅನಿಲ್ ಕುಮಾರ್, ವೆಂಕಟೇಶ್ ಯಾದವ್, ಯಶವಂತ, ನಾಗರಾಜ್ ಸಂಗಮ, ರಾಮಚಂದ್ರ ಸೇರಿದಂತೆ ಮತ್ತಿತರರು ಭಾಗವಹಿಸಿದ್ದರು.
ಮೇಳದಲ್ಲಿ ಪ್ರಲ್ಹಾದರಿಗೆ ತರಬೇತಿ, ಪ್ರಾತ್ಯಕ್ಷಿಕೆ ನಡೆಸಿಕೊಡಲಿದ್ದಾರೆ. ಆಲ್ಲದೆ ಶ್ರೀಮಂದಿರದಲ್ಲಿ 200ಕ್ಕೂ ಹೆಚ್ಚು ಮಳಿಗೆಗಳನ್ನು ಸ್ಥಾಪಿಸಲಾಗಿದೆ. ಜಿಲ್ಲೆಯ ಮಕ್ಕಳು, ಮಹಿಳೆಯರು, ವಿದ್ಯಾರ್ಥಿಗಳು, ಯುವಜನರು, ರೈತರು, ಯುವ ಉದ್ಯಮಿಗಳಿಗೆ ವಿವಿಧ ರೀತಿಯ ಚಟುವಟಿಕೆ ಆಯೋಜಿಸಲಾಗಿದೆ. ಆಯುರ್ವೇದ, ಪ್ರಕೃತಿ ಚಿಕಿತ್ಸೆಯ ಮಾಹಿತಿ ನೀಡಲಾಗುತ್ತದೆ. ಸ್ವದೇಶಿ ಮೇಳದ ಮೂಲಕ ಸ್ವದೇಶಿ ವಸ್ತುಗಳ ಉತ್ಪಾದನೆ, ಬಳಕೆ ಬಗ್ಗೆ ಜಾಗೃತಿ ಮೂಡಿಸಲಾಗುವುದು.
ಸೌಭಾಗ್ಯ ಬಸವರಾಜನ್, ಮೇಳದ ಸಂಚಾಲಕಿ
ಸೌಭಾಗ್ಯ ಬಸವರಾಜನ್, ಮೇಳದ ಸಂಚಾಲಕಿ
